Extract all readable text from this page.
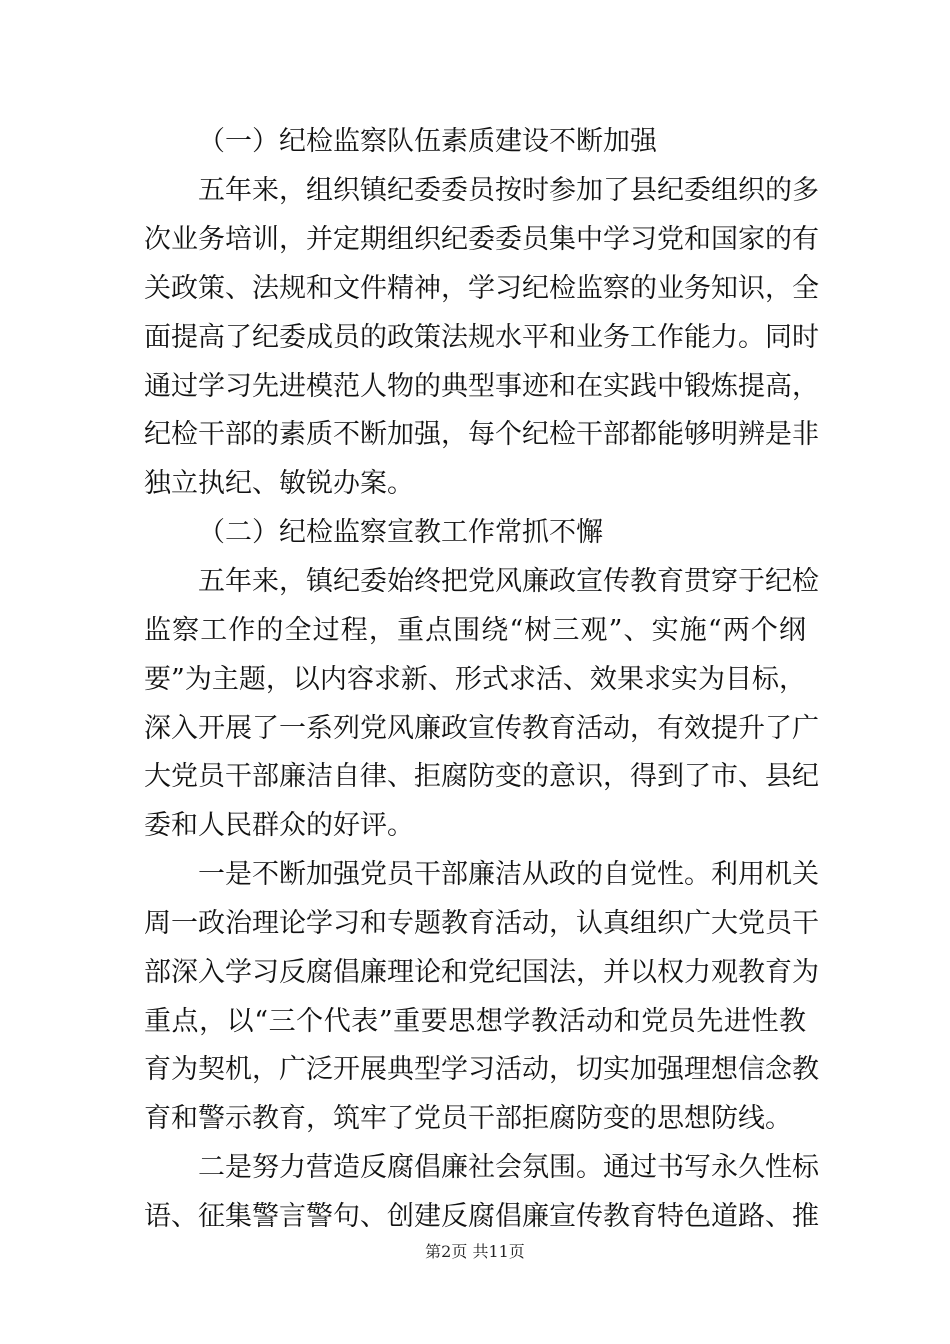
（一）纪检监察队伍素质建设不断加强
五年来，组织镇纪委委员按时参加了县纪委组织的多
次业务培训，并定期组织纪委委员集中学习党和国家的有
关政策、法规和文件精神，学习纪检监察的业务知识，全
面提高了纪委成员的政策法规水平和业务工作能力。同时
通过学习先进模范人物的典型事迹和在实践中锻炼提高，
纪检干部的素质不断加强，每个纪检干部都能够明辨是非
独立执纪、敏锐办案。
（二）纪检监察宣教工作常抓不懈
五年来，镇纪委始终把党风廉政宣传教育贯穿于纪检
监察工作的全过程，重点围绕“树三观”、实施“两个纲
要”为主题，以内容求新、形式求活、效果求实为目标，
深入开展了一系列党风廉政宣传教育活动，有效提升了广
大党员干部廉洁自律、拒腐防变的意识，得到了市、县纪
委和人民群众的好评。
一是不断加强党员干部廉洁从政的自觉性。利用机关
周一政治理论学习和专题教育活动，认真组织广大党员干
部深入学习反腐倡廉理论和党纪国法，并以权力观教育为
重点，以“三个代表”重要思想学教活动和党员先进性教
育为契机，广泛开展典型学习活动，切实加强理想信念教
育和警示教育，筑牢了党员干部拒腐防变的思想防线。
二是努力营造反腐倡廉社会氛围。通过书写永久性标
语、征集警言警句、创建反腐倡廉宣传教育特色道路、推
第2页 共11页
